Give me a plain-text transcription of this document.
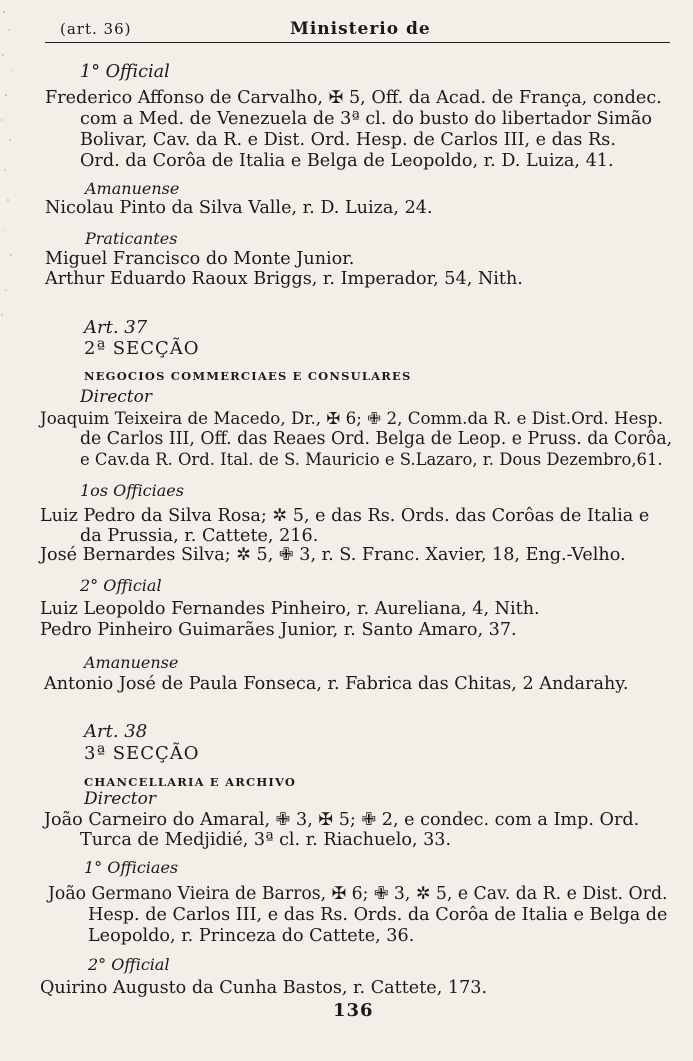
(art. 36)	Ministerio de
1° Official
Frederico Affonso de Carvalho, ✠ 5, Off. da Acad. de França, condec.
com a Med. de Venezuela de 3ª cl. do busto do libertador Simão
Bolivar, Cav. da R. e Dist. Ord. Hesp. de Carlos III, e das Rs.
Ord. da Corôa de Italia e Belga de Leopoldo, r. D. Luiza, 41.
Amanuense
Nicolau Pinto da Silva Valle, r. D. Luiza, 24.
Praticantes
Miguel Francisco do Monte Junior.
Arthur Eduardo Raoux Briggs, r. Imperador, 54, Nith.
Art. 37
2ª SECÇÃO
NEGOCIOS COMMERCIAES E CONSULARES
Director
Joaquim Teixeira de Macedo, Dr., ✠ 6; ✙ 2, Comm.da R. e Dist.Ord. Hesp.
de Carlos III, Off. das Reaes Ord. Belga de Leop. e Pruss. da Corôa,
e Cav.da R. Ord. Ital. de S. Mauricio e S.Lazaro, r. Dous Dezembro,61.
1os Officiaes
Luiz Pedro da Silva Rosa; ✲ 5, e das Rs. Ords. das Corôas de Italia e
da Prussia, r. Cattete, 216.
José Bernardes Silva; ✲ 5, ✙ 3, r. S. Franc. Xavier, 18, Eng.-Velho.
2° Official
Luiz Leopoldo Fernandes Pinheiro, r. Aureliana, 4, Nith.
Pedro Pinheiro Guimarães Junior, r. Santo Amaro, 37.
Amanuense
Antonio José de Paula Fonseca, r. Fabrica das Chitas, 2 Andarahy.
Art. 38
3ª SECÇÃO
CHANCELLARIA E ARCHIVO
Director
João Carneiro do Amaral, ✙ 3, ✠ 5; ✙ 2, e condec. com a Imp. Ord.
Turca de Medjidié, 3ª cl. r. Riachuelo, 33.
1° Officiaes
João Germano Vieira de Barros, ✠ 6; ✙ 3, ✲ 5, e Cav. da R. e Dist. Ord.
Hesp. de Carlos III, e das Rs. Ords. da Corôa de Italia e Belga de
Leopoldo, r. Princeza do Cattete, 36.
2° Official
Quirino Augusto da Cunha Bastos, r. Cattete, 173.
136
